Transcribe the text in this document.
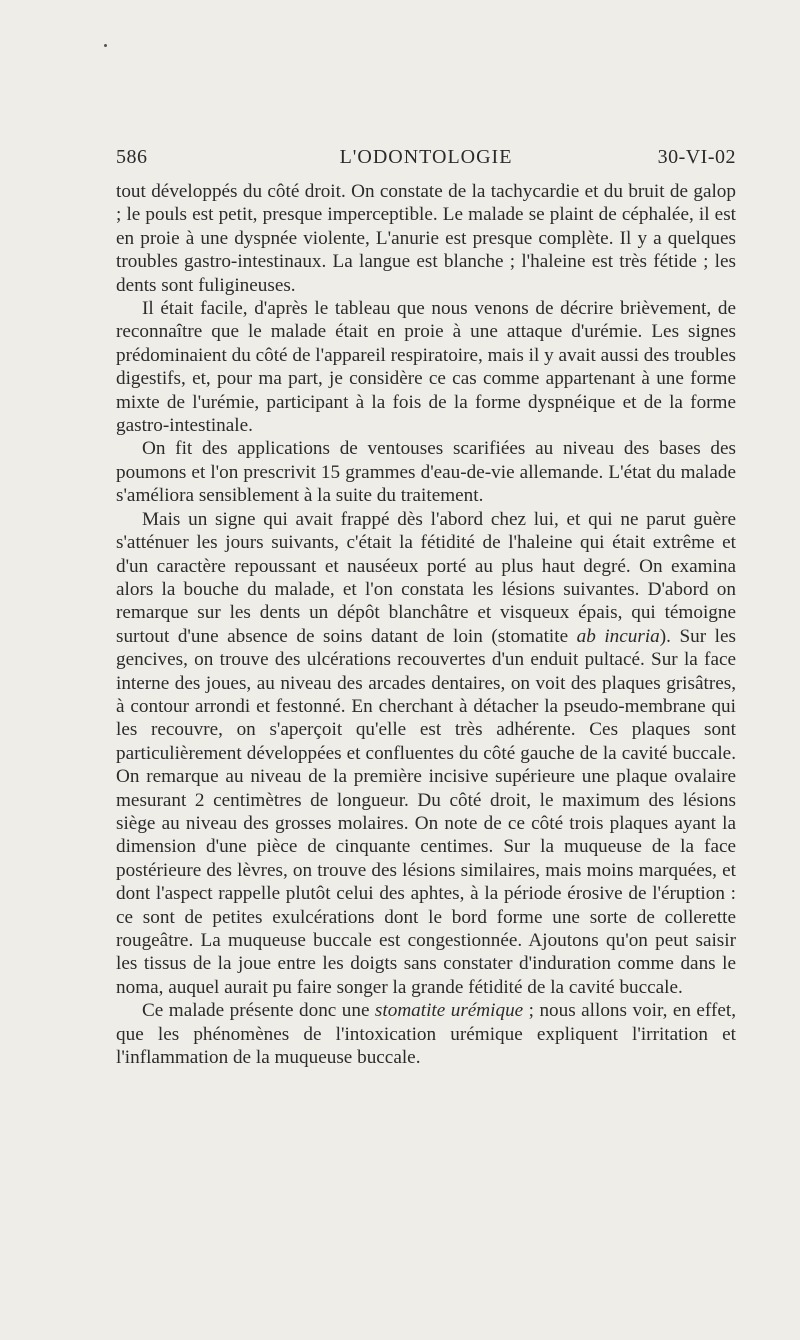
586	L'ODONTOLOGIE	30-VI-02

tout développés du côté droit. On constate de la tachycardie et du bruit de galop ; le pouls est petit, presque imperceptible. Le malade se plaint de céphalée, il est en proie à une dyspnée violente, L'anurie est presque complète. Il y a quelques troubles gastro-intestinaux. La langue est blanche ; l'haleine est très fétide ; les dents sont fuligineuses.

Il était facile, d'après le tableau que nous venons de décrire brièvement, de reconnaître que le malade était en proie à une attaque d'urémie. Les signes prédominaient du côté de l'appareil respiratoire, mais il y avait aussi des troubles digestifs, et, pour ma part, je considère ce cas comme appartenant à une forme mixte de l'urémie, participant à la fois de la forme dyspnéique et de la forme gastro-intestinale.

On fit des applications de ventouses scarifiées au niveau des bases des poumons et l'on prescrivit 15 grammes d'eau-de-vie allemande. L'état du malade s'améliora sensiblement à la suite du traitement.

Mais un signe qui avait frappé dès l'abord chez lui, et qui ne parut guère s'atténuer les jours suivants, c'était la fétidité de l'haleine qui était extrême et d'un caractère repoussant et nauséeux porté au plus haut degré. On examina alors la bouche du malade, et l'on constata les lésions suivantes. D'abord on remarque sur les dents un dépôt blanchâtre et visqueux épais, qui témoigne surtout d'une absence de soins datant de loin (stomatite ab incuria). Sur les gencives, on trouve des ulcérations recouvertes d'un enduit pultacé. Sur la face interne des joues, au niveau des arcades dentaires, on voit des plaques grisâtres, à contour arrondi et festonné. En cherchant à détacher la pseudo-membrane qui les recouvre, on s'aperçoit qu'elle est très adhérente. Ces plaques sont particulièrement développées et confluentes du côté gauche de la cavité buccale. On remarque au niveau de la première incisive supérieure une plaque ovalaire mesurant 2 centimètres de longueur. Du côté droit, le maximum des lésions siège au niveau des grosses molaires. On note de ce côté trois plaques ayant la dimension d'une pièce de cinquante centimes. Sur la muqueuse de la face postérieure des lèvres, on trouve des lésions similaires, mais moins marquées, et dont l'aspect rappelle plutôt celui des aphtes, à la période érosive de l'éruption : ce sont de petites exulcérations dont le bord forme une sorte de collerette rougeâtre. La muqueuse buccale est congestionnée. Ajoutons qu'on peut saisir les tissus de la joue entre les doigts sans constater d'induration comme dans le noma, auquel aurait pu faire songer la grande fétidité de la cavité buccale.

Ce malade présente donc une stomatite urémique ; nous allons voir, en effet, que les phénomènes de l'intoxication urémique expliquent l'irritation et l'inflammation de la muqueuse buccale.
